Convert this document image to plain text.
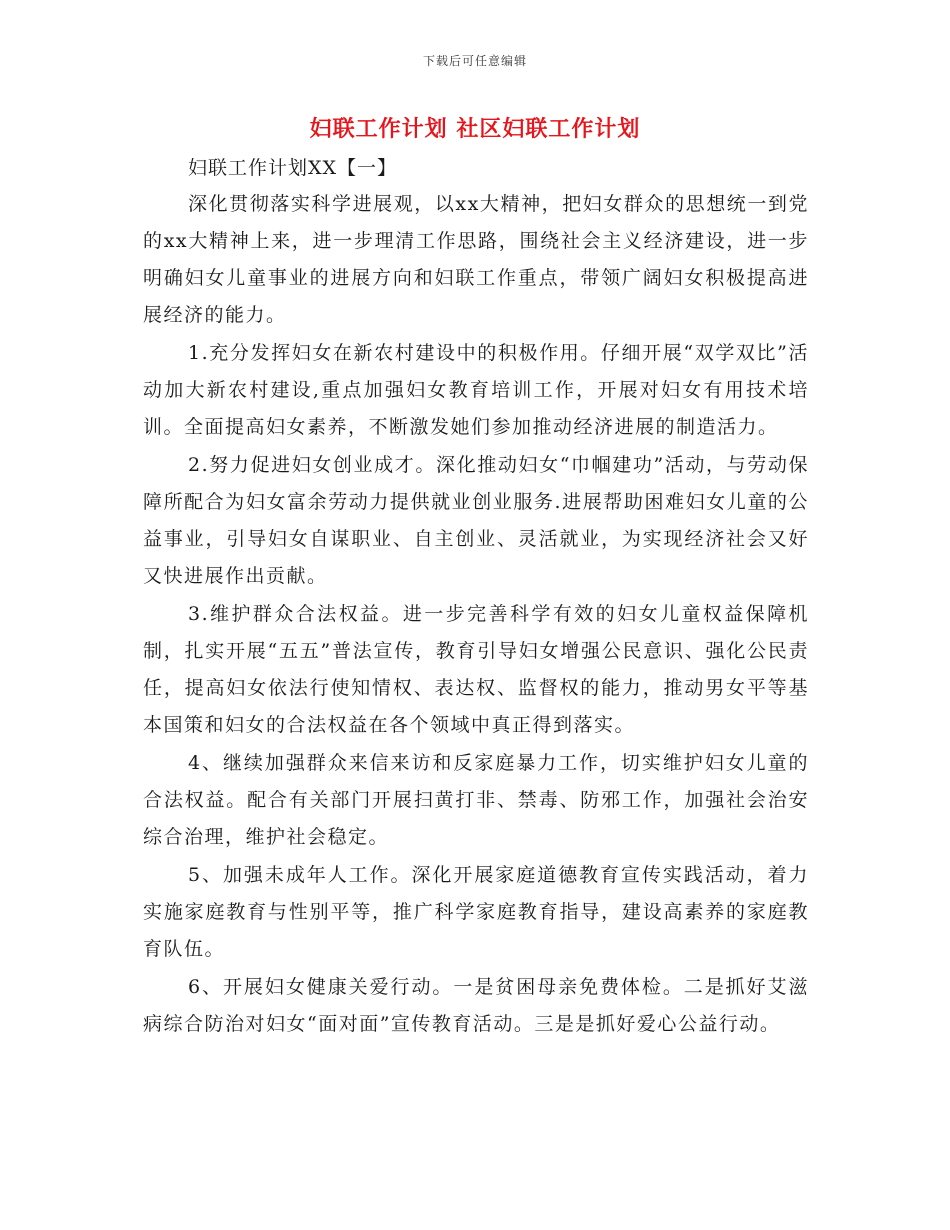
下载后可任意编辑
妇联工作计划 社区妇联工作计划

妇联工作计划XX【一】

深化贯彻落实科学进展观，以xx大精神，把妇女群众的思想统一到党的xx大精神上来，进一步理清工作思路，围绕社会主义经济建设，进一步明确妇女儿童事业的进展方向和妇联工作重点，带领广阔妇女积极提高进展经济的能力。

1.充分发挥妇女在新农村建设中的积极作用。仔细开展“双学双比”活动加大新农村建设,重点加强妇女教育培训工作，开展对妇女有用技术培训。全面提高妇女素养，不断激发她们参加推动经济进展的制造活力。

2.努力促进妇女创业成才。深化推动妇女“巾帼建功”活动，与劳动保障所配合为妇女富余劳动力提供就业创业服务.进展帮助困难妇女儿童的公益事业，引导妇女自谋职业、自主创业、灵活就业，为实现经济社会又好又快进展作出贡献。

3.维护群众合法权益。进一步完善科学有效的妇女儿童权益保障机制，扎实开展“五五”普法宣传，教育引导妇女增强公民意识、强化公民责任，提高妇女依法行使知情权、表达权、监督权的能力，推动男女平等基本国策和妇女的合法权益在各个领域中真正得到落实。

4、继续加强群众来信来访和反家庭暴力工作，切实维护妇女儿童的合法权益。配合有关部门开展扫黄打非、禁毒、防邪工作，加强社会治安综合治理，维护社会稳定。

5、加强未成年人工作。深化开展家庭道德教育宣传实践活动，着力实施家庭教育与性别平等，推广科学家庭教育指导，建设高素养的家庭教育队伍。

6、开展妇女健康关爱行动。一是贫困母亲免费体检。二是抓好艾滋病综合防治对妇女“面对面”宣传教育活动。三是是抓好爱心公益行动。
